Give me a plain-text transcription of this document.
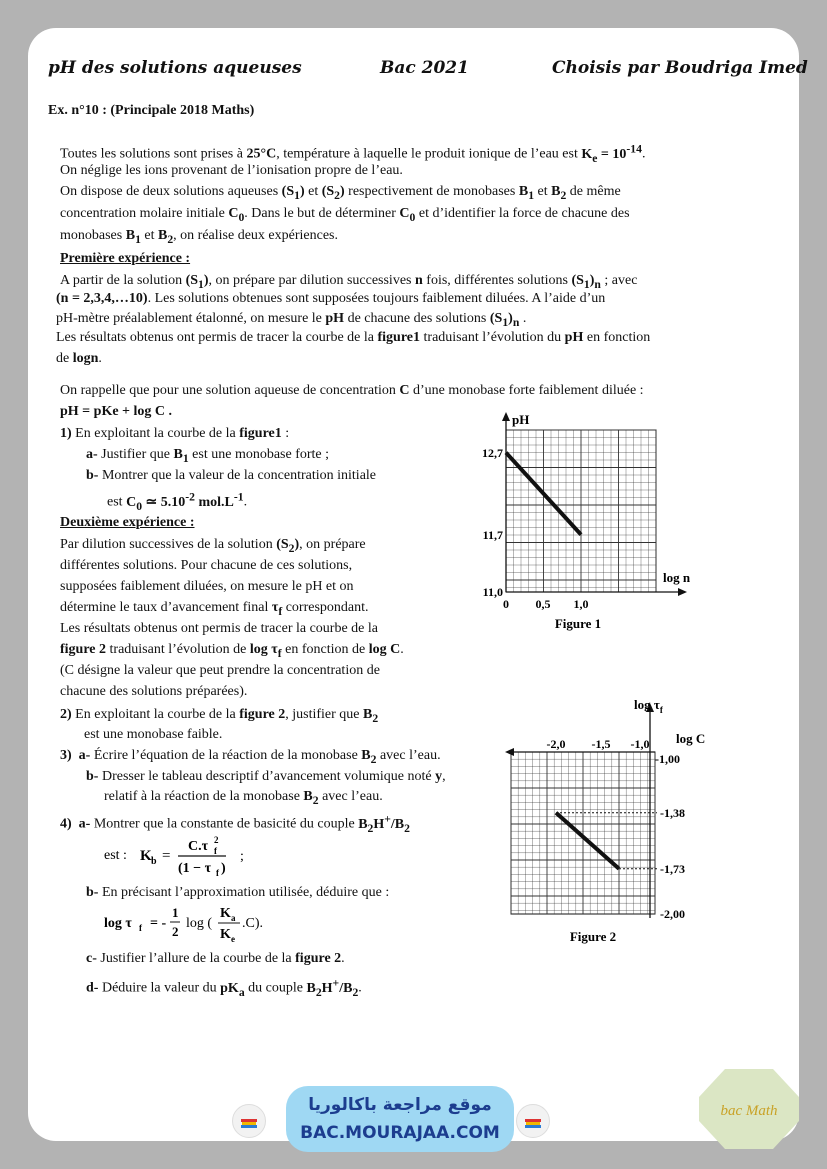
pH des solutions aqueuses	Bac 2021	Choisis par Boudriga Imed
Ex. n°10 : (Principale 2018 Maths)
Toutes les solutions sont prises à 25°C, température à laquelle le produit ionique de l’eau est $K_e = 10^{-14}$.
On néglige les ions provenant de l’ionisation propre de l’eau.
On dispose de deux solutions aqueuses $(S_1)$ et $(S_2)$ respectivement de monobases $B_1$ et $B_2$ de même
concentration molaire initiale $C_0$. Dans le but de déterminer $C_0$ et d’identifier la force de chacune des
monobases $B_1$ et $B_2$, on réalise deux expériences.
Première expérience :
A partir de la solution $(S_1)$, on prépare par dilution successives n fois, différentes solutions $(S_1)_n$ ; avec
(n = 2,3,4,…10). Les solutions obtenues sont supposées toujours faiblement diluées. A l’aide d’un
pH-mètre préalablement étalonné, on mesure le pH de chacune des solutions $(S_1)_n$ .
Les résultats obtenus ont permis de tracer la courbe de la figure1 traduisant l’évolution du pH en fonction
de logn.
On rappelle que pour une solution aqueuse de concentration C d’une monobase forte faiblement diluée :
pH = pKe + log C .
1) En exploitant la courbe de la figure1 :
a- Justifier que $B_1$ est une monobase forte ;
b- Montrer que la valeur de la concentration initiale
est $C_0$ ≃ $5.10^{-2}$ $mol.L^{-1}$.
Deuxième expérience :
Par dilution successives de la solution $(S_2)$, on prépare
différentes solutions. Pour chacune de ces solutions,
supposées faiblement diluées, on mesure le pH et on
détermine le taux d’avancement final $\tau_f$ correspondant.
Les résultats obtenus ont permis de tracer la courbe de la
figure 2 traduisant l’évolution de $\log \tau_f$ en fonction de log C.
(C désigne la valeur que peut prendre la concentration de
chacune des solutions préparées).
2) En exploitant la courbe de la figure 2, justifier que $B_2$
est une monobase faible.
3) a- Écrire l’équation de la réaction de la monobase $B_2$ avec l’eau.
b- Dresser le tableau descriptif d’avancement volumique noté y,
relatif à la réaction de la monobase $B_2$ avec l’eau.
4) a- Montrer que la constante de basicité du couple $B_2H^+/B_2$
est : K b =
C.τ 2
f
(1 − τ f )
;
b- En précisant l’approximation utilisée, déduire que :
log τ f = -
1
2
log (
K a
K e
.C).
c- Justifier l’allure de la courbe de la figure 2.
d- Déduire la valeur du $pK_a$ du couple $B_2H^+/B_2$.
pH
log n
12,7
11,7
11,0
0 0,5 1,0
Figure 1
$\log \tau_f$
log C
-2,0 -1,5 -1,0
-1,00
-1,38
-1,73
-2,00
Figure 2
موقع مراجعة باكالوريا
BAC.MOURAJAA.COM
bac Math
